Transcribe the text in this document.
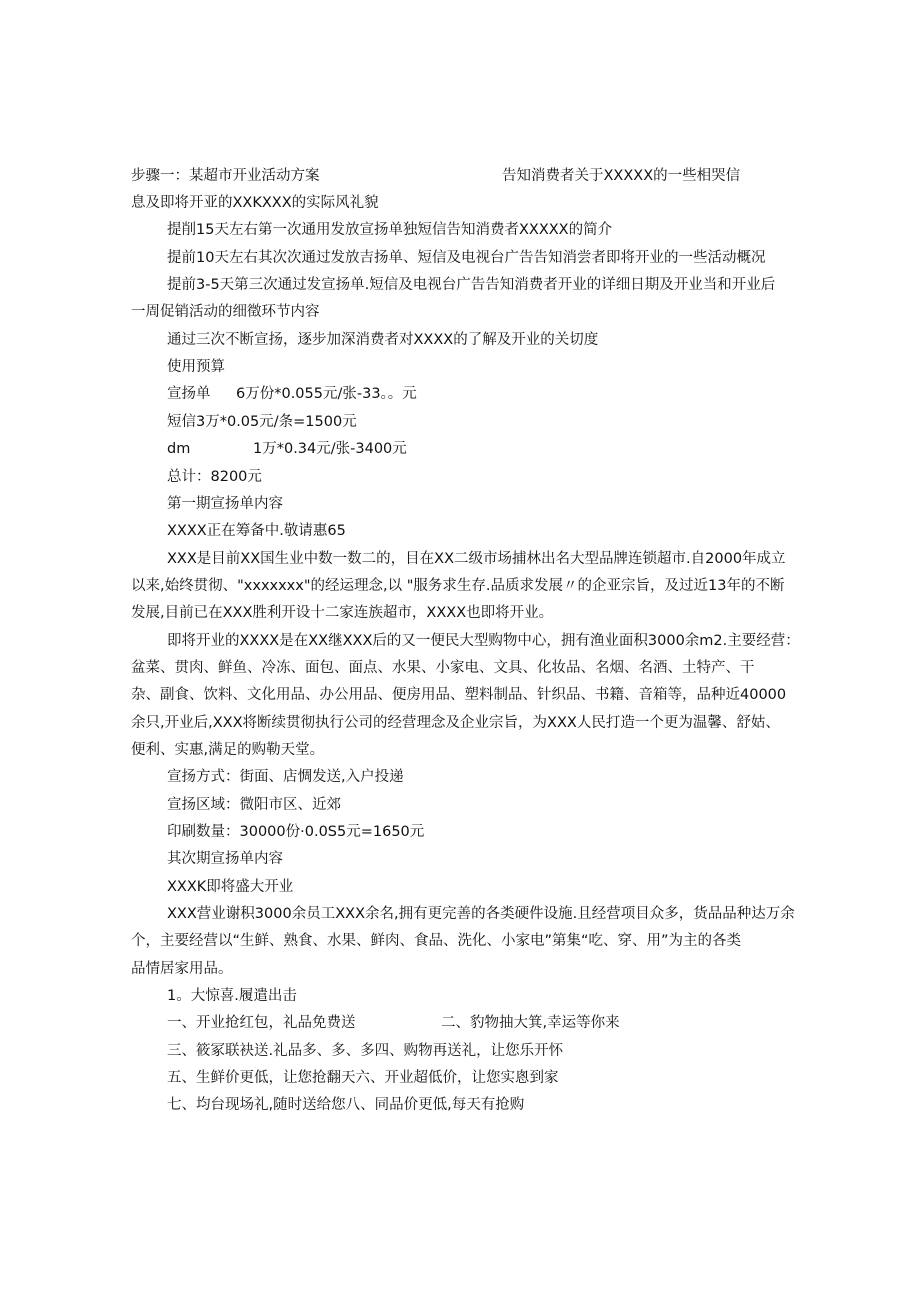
步骤一：某超市开业活动方案	告知消费者关于XXXXX的一些相哭信
息及即将开亚的XXKXXX的实际风礼貌
提削15天左右第一次通用发放宣扬单独短信告知消费者XXXXX的简介
提前10天左右其次次通过发放吉扬单、短信及电视台广告告知消尝者即将开业的一些活动概况
提前3-5天第三次通过发宣扬单.短信及电视台广告告知消费者开业的详细日期及开业当和开业后
一周促销活动的细徵环节内容
通过三次不断宣扬，逐步加深消费者对XXXX的了解及开业的关切度
使用预算
宣扬单 6万份*0.055元/张-33。。元
短信3万*0.05元/条=1500元
dm	1万*0.34元/张-3400元
总计：8200元
第一期宣扬单内容
XXXX正在筹备中.敬请惠65
XXX是目前XX国生业中数一数二的，目在XX二级市场捕林出名大型品牌连锁超市.自2000年成立
以来,始终贯彻、"xxxxxxx"的经运理念,以 "服务求生存.品质求发展〃的企亚宗旨，及过近13年的不断
发展,目前已在XXX胜利开设十二家连族超市，XXXX也即将开业。
即将开业的XXXX是在XX继XXX后的又一便民大型购物中心，拥有渔业面积3000余m2.主要经营：
盆菜、贯肉、鲜鱼、冷冻、面包、面点、水果、小家电、文具、化妆品、名烟、名酒、土特产、干
杂、副食、饮料、文化用品、办公用品、便房用品、塑料制品、针织品、书籍、音箱等，品种近40000
余只,开业后,XXX将断续贯彻执行公司的经营理念及企业宗旨，为XXX人民打造一个更为温馨、舒姑、
便利、实惠,满足的购勒天堂。
宣扬方式：街面、店惆发送,入户投递
宣扬区域：微阳市区、近郊
印刷数量：30000份·0.0S5元=1650元
其次期宣扬单内容
XXXK即将盛大开业
XXX营业谢积3000余员工XXX余名,拥有更完善的各类硬件设施.且经营项目众多，货品品种达万余
个，主要经营以“生鲜、熟食、水果、鲜肉、食品、洗化、小家电”第集“吃、穿、用”为主的各类
品情居家用品。
1。大惊喜.履遣出击
一、开业抢红包，礼品免费送	二、豹物抽大箕,幸运等你来
三、筱冢联袂送.礼品多、多、多四、购物再送礼，让您乐开怀
五、生鲜价更低，让您抢翻天六、开业超低价，让您实悤到家
七、均台现场礼,随时送给您八、同品价更低,每天有抢购
